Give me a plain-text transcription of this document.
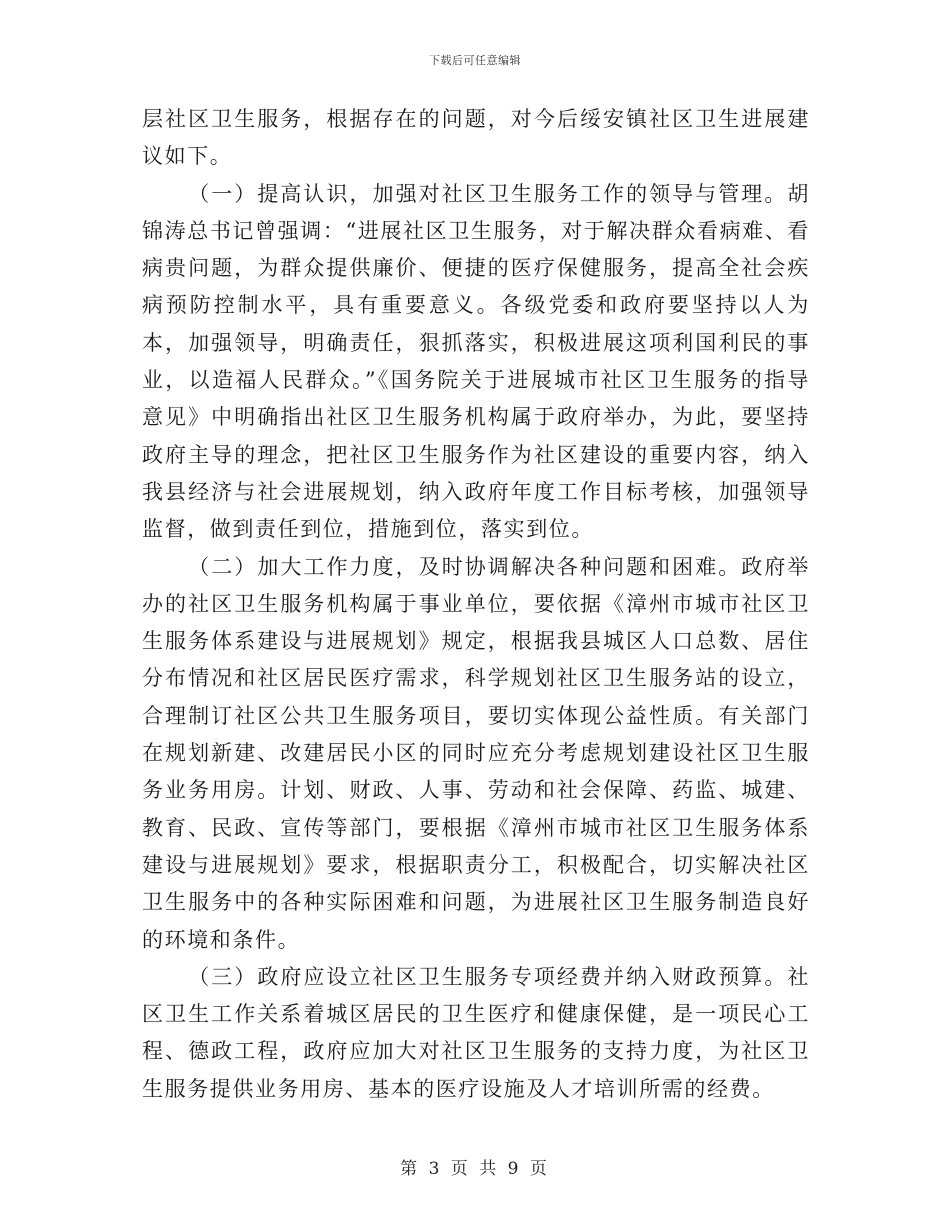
下载后可任意编辑

层社区卫生服务，根据存在的问题，对今后绥安镇社区卫生进展建议如下。

（一）提高认识，加强对社区卫生服务工作的领导与管理。胡锦涛总书记曾强调：“进展社区卫生服务，对于解决群众看病难、看病贵问题，为群众提供廉价、便捷的医疗保健服务，提高全社会疾病预防控制水平，具有重要意义。各级党委和政府要坚持以人为本，加强领导，明确责任，狠抓落实，积极进展这项利国利民的事业，以造福人民群众。”《国务院关于进展城市社区卫生服务的指导意见》中明确指出社区卫生服务机构属于政府举办，为此，要坚持政府主导的理念，把社区卫生服务作为社区建设的重要内容，纳入我县经济与社会进展规划，纳入政府年度工作目标考核，加强领导监督，做到责任到位，措施到位，落实到位。

（二）加大工作力度，及时协调解决各种问题和困难。政府举办的社区卫生服务机构属于事业单位，要依据《漳州市城市社区卫生服务体系建设与进展规划》规定，根据我县城区人口总数、居住分布情况和社区居民医疗需求，科学规划社区卫生服务站的设立，合理制订社区公共卫生服务项目，要切实体现公益性质。有关部门在规划新建、改建居民小区的同时应充分考虑规划建设社区卫生服务业务用房。计划、财政、人事、劳动和社会保障、药监、城建、教育、民政、宣传等部门，要根据《漳州市城市社区卫生服务体系建设与进展规划》要求，根据职责分工，积极配合，切实解决社区卫生服务中的各种实际困难和问题，为进展社区卫生服务制造良好的环境和条件。

（三）政府应设立社区卫生服务专项经费并纳入财政预算。社区卫生工作关系着城区居民的卫生医疗和健康保健，是一项民心工程、德政工程，政府应加大对社区卫生服务的支持力度，为社区卫生服务提供业务用房、基本的医疗设施及人才培训所需的经费。

第 3 页 共 9 页
